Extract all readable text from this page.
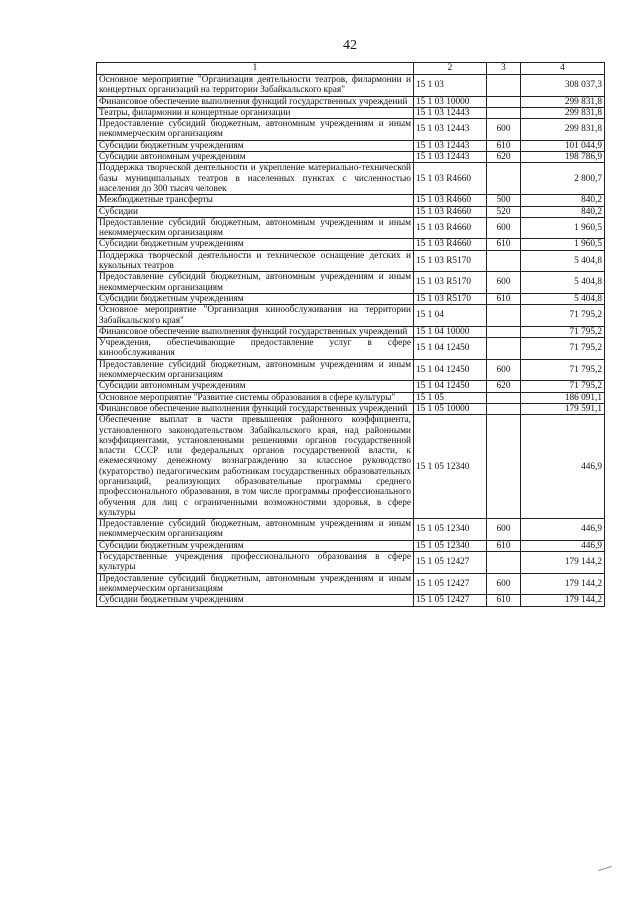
42
1	2	3	4
Основное мероприятие "Организация деятельности театров, филармонии и концертных организаций на территории Забайкальского края"	15 1 03		308 037,3
Финансовое обеспечение выполнения функций государственных учреждений	15 1 03 10000		299 831,8
Театры, филармонии и концертные организации	15 1 03 12443		299 831,8
Предоставление субсидий бюджетным, автономным учреждениям и иным некоммерческим организациям	15 1 03 12443	600	299 831,8
Субсидии бюджетным учреждениям	15 1 03 12443	610	101 044,9
Субсидии автономным учреждениям	15 1 03 12443	620	198 786,9
Поддержка творческой деятельности и укрепление материально-технической базы муниципальных театров в населенных пунктах с численностью населения до 300 тысяч человек	15 1 03 R4660		2 800,7
Межбюджетные трансферты	15 1 03 R4660	500	840,2
Субсидии	15 1 03 R4660	520	840,2
Предоставление субсидий бюджетным, автономным учреждениям и иным некоммерческим организациям	15 1 03 R4660	600	1 960,5
Субсидии бюджетным учреждениям	15 1 03 R4660	610	1 960,5
Поддержка творческой деятельности и техническое оснащение детских и кукольных театров	15 1 03 R5170		5 404,8
Предоставление субсидий бюджетным, автономным учреждениям и иным некоммерческим организациям	15 1 03 R5170	600	5 404,8
Субсидии бюджетным учреждениям	15 1 03 R5170	610	5 404,8
Основное мероприятие "Организация кинообслуживания на территории Забайкальского края"	15 1 04		71 795,2
Финансовое обеспечение выполнения функций государственных учреждений	15 1 04 10000		71 795,2
Учреждения, обеспечивающие предоставление услуг в сфере кинообслуживания	15 1 04 12450		71 795,2
Предоставление субсидий бюджетным, автономным учреждениям и иным некоммерческим организациям	15 1 04 12450	600	71 795,2
Субсидии автономным учреждениям	15 1 04 12450	620	71 795,2
Основное мероприятие "Развитие системы образования в сфере культуры"	15 1 05		186 091,1
Финансовое обеспечение выполнения функций государственных учреждений	15 1 05 10000		179 591,1
Обеспечение выплат в части превышения районного коэффициента, установленного законодательством Забайкальского края, над районными коэффициентами, установленными решениями органов государственной власти СССР или федеральных органов государственной власти, к ежемесячному денежному вознаграждению за классное руководство (кураторство) педагогическим работникам государственных образовательных организаций, реализующих образовательные программы среднего профессионального образования, в том числе программы профессионального обучения для лиц с ограниченными возможностями здоровья, в сфере культуры	15 1 05 12340		446,9
Предоставление субсидий бюджетным, автономным учреждениям и иным некоммерческим организациям	15 1 05 12340	600	446,9
Субсидии бюджетным учреждениям	15 1 05 12340	610	446,9
Государственные учреждения профессионального образования в сфере культуры	15 1 05 12427		179 144,2
Предоставление субсидий бюджетным, автономным учреждениям и иным некоммерческим организациям	15 1 05 12427	600	179 144,2
Субсидии бюджетным учреждениям	15 1 05 12427	610	179 144,2
